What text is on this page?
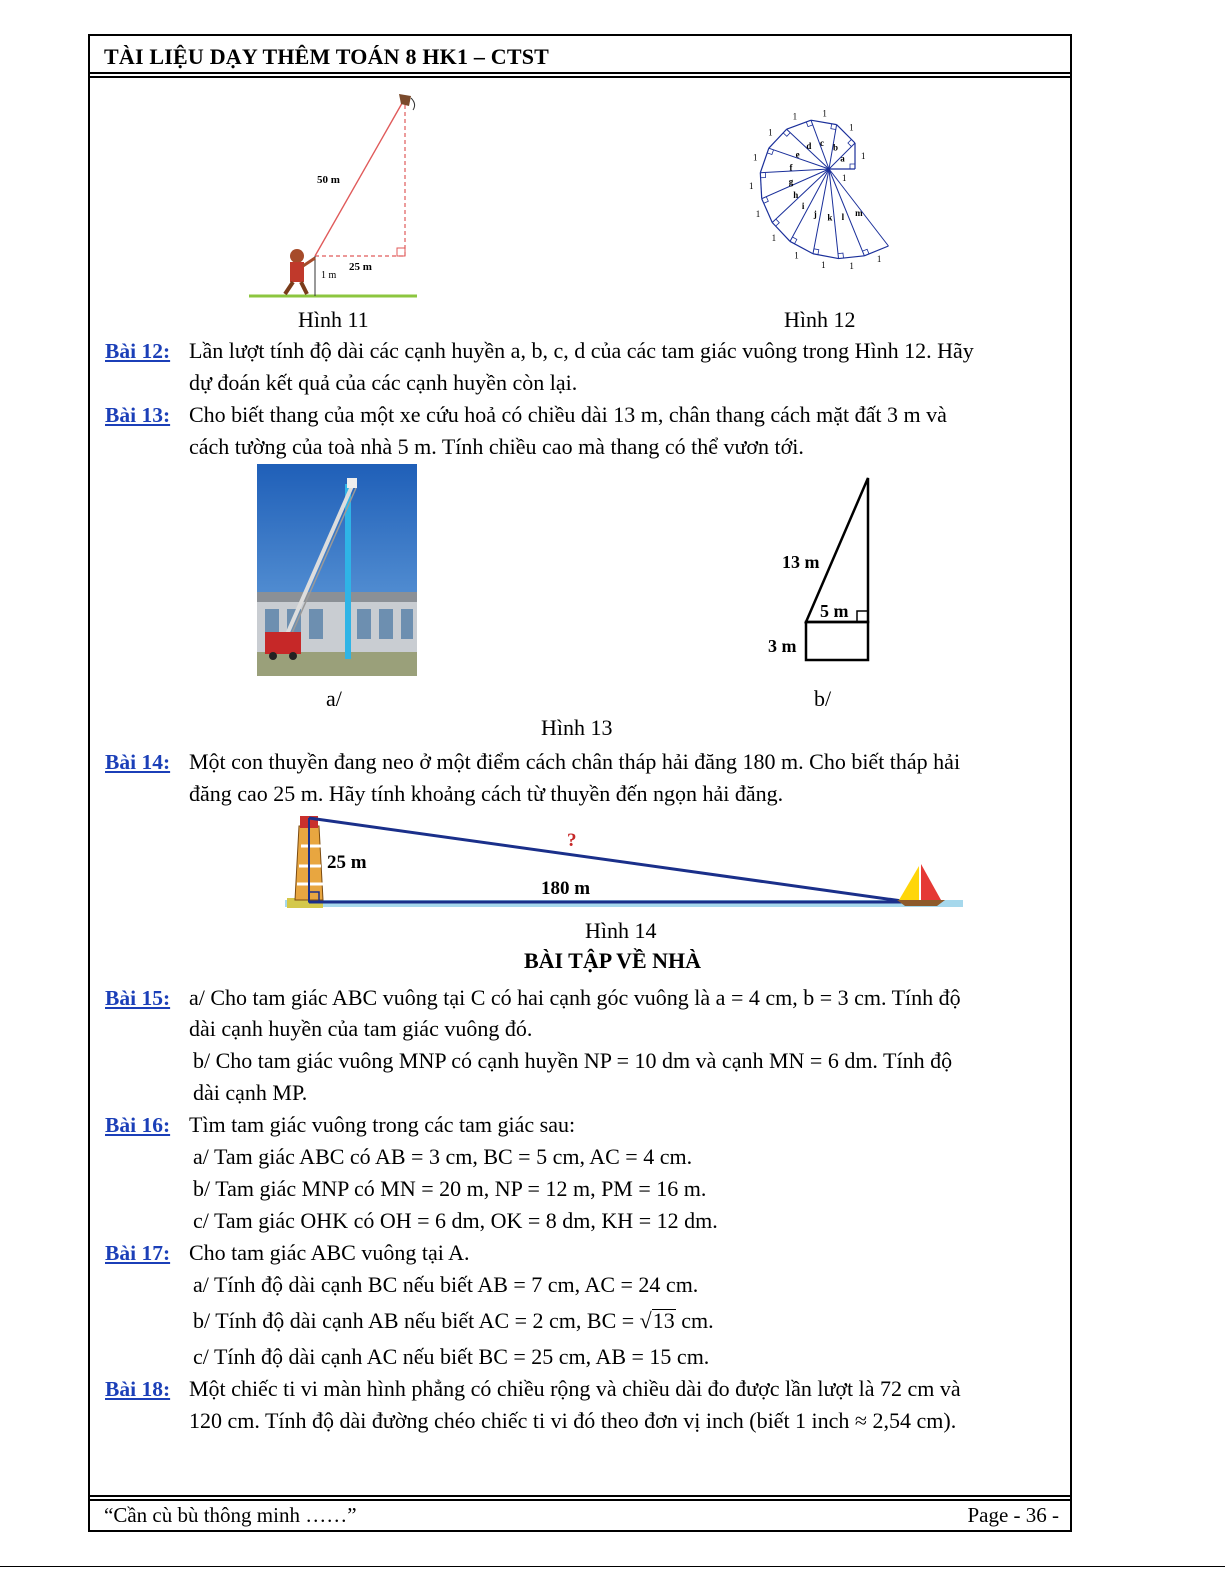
TÀI LIỆU DẠY THÊM TOÁN 8 HK1 – CTST
50 m
25 m
1 m
Hình 11
1
1
a
1
b
1
c
1
d
1
e
1
f
1	g
1
h
1
i
1
j
1
k
1
l
1
m
Hình 12
Bài 12: Lần lượt tính độ dài các cạnh huyền a, b, c, d của các tam giác vuông trong Hình 12. Hãy
dự đoán kết quả của các cạnh huyền còn lại.
Bài 13: Cho biết thang của một xe cứu hoả có chiều dài 13 m, chân thang cách mặt đất 3 m và
cách tường của toà nhà 5 m. Tính chiều cao mà thang có thể vươn tới.
a/
13 m
5 m
3 m
b/
Hình 13
Bài 14: Một con thuyền đang neo ở một điểm cách chân tháp hải đăng 180 m. Cho biết tháp hải
đăng cao 25 m. Hãy tính khoảng cách từ thuyền đến ngọn hải đăng.
25 m
180 m
?
Hình 14
BÀI TẬP VỀ NHÀ
Bài 15: a/ Cho tam giác ABC vuông tại C có hai cạnh góc vuông là a = 4 cm, b = 3 cm. Tính độ
dài cạnh huyền của tam giác vuông đó.
b/ Cho tam giác vuông MNP có cạnh huyền NP = 10 dm và cạnh MN = 6 dm. Tính độ
dài cạnh MP.
Bài 16: Tìm tam giác vuông trong các tam giác sau:
a/ Tam giác ABC có AB = 3 cm, BC = 5 cm, AC = 4 cm.
b/ Tam giác MNP có MN = 20 m, NP = 12 m, PM = 16 m.
c/ Tam giác OHK có OH = 6 dm, OK = 8 dm, KH = 12 dm.
Bài 17: Cho tam giác ABC vuông tại A.
a/ Tính độ dài cạnh BC nếu biết AB = 7 cm, AC = 24 cm.
b/ Tính độ dài cạnh AB nếu biết AC = 2 cm, BC = √13 cm.
c/ Tính độ dài cạnh AC nếu biết BC = 25 cm, AB = 15 cm.
Bài 18: Một chiếc ti vi màn hình phẳng có chiều rộng và chiều dài đo được lần lượt là 72 cm và
120 cm. Tính độ dài đường chéo chiếc ti vi đó theo đơn vị inch (biết 1 inch ≈ 2,54 cm).
“Cần cù bù thông minh ……”	Page - 36 -
